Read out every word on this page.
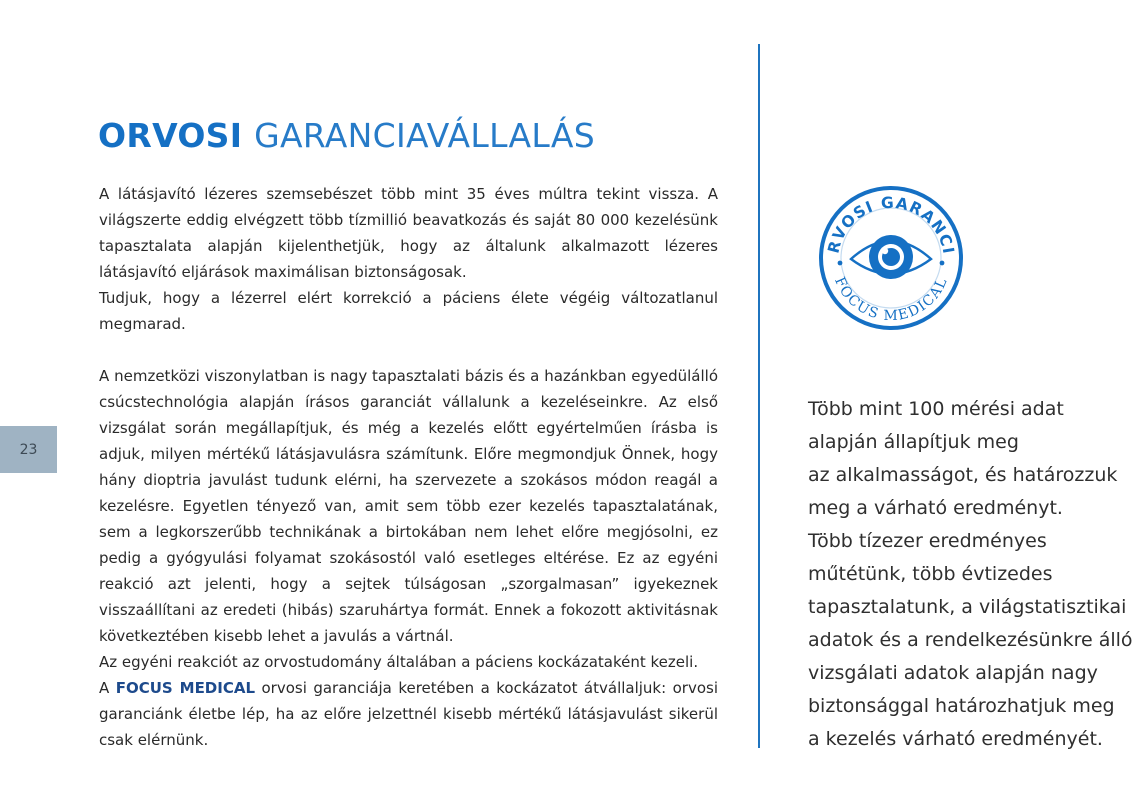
23
ORVOSI GARANCIAVÁLLALÁS

A látásjavító lézeres szemsebészet több mint 35 éves múltra tekint vissza. A világszerte eddig elvégzett több tízmillió beavatkozás és saját 80 000 kezelésünk tapasztalata alapján kijelenthetjük, hogy az általunk alkalmazott lézeres látásjavító eljárások maximálisan biztonságosak.

Tudjuk, hogy a lézerrel elért korrekció a páciens élete végéig változatlanul megmarad.

A nemzetközi viszonylatban is nagy tapasztalati bázis és a hazánkban egyedülálló csúcstechnológia alapján írásos garanciát vállalunk a kezeléseinkre. Az első vizsgálat során megállapítjuk, és még a kezelés előtt egyértelműen írásba is adjuk, milyen mértékű látásjavulásra számítunk. Előre megmondjuk Önnek, hogy hány dioptria javulást tudunk elérni, ha szervezete a szokásos módon reagál a kezelésre. Egyetlen tényező van, amit sem több ezer kezelés tapasztalatának, sem a legkorszerűbb technikának a birtokában nem lehet előre megjósolni, ez pedig a gyógyulási folyamat szokásostól való esetleges eltérése. Ez az egyéni reakció azt jelenti, hogy a sejtek túlságosan „szorgalmasan” igyekeznek visszaállítani az eredeti (hibás) szaruhártya formát. Ennek a fokozott aktivitásnak következtében kisebb lehet a javulás a vártnál.

Az egyéni reakciót az orvostudomány általában a páciens kockázataként kezeli.

A FOCUS MEDICAL orvosi garanciája keretében a kockázatot átvállaljuk: orvosi garanciánk életbe lép, ha az előre jelzettnél kisebb mértékű látásjavulást sikerül csak elérnünk.

RVOSI GARANCI
FOCUS MEDICAL
Több mint 100 mérési adat
alapján állapítjuk meg
az alkalmasságot, és határozzuk
meg a várható eredményt.
Több tízezer eredményes
műtétünk, több évtizedes
tapasztalatunk, a világstatisztikai
adatok és a rendelkezésünkre álló
vizsgálati adatok alapján nagy
biztonsággal határozhatjuk meg
a kezelés várható eredményét.
